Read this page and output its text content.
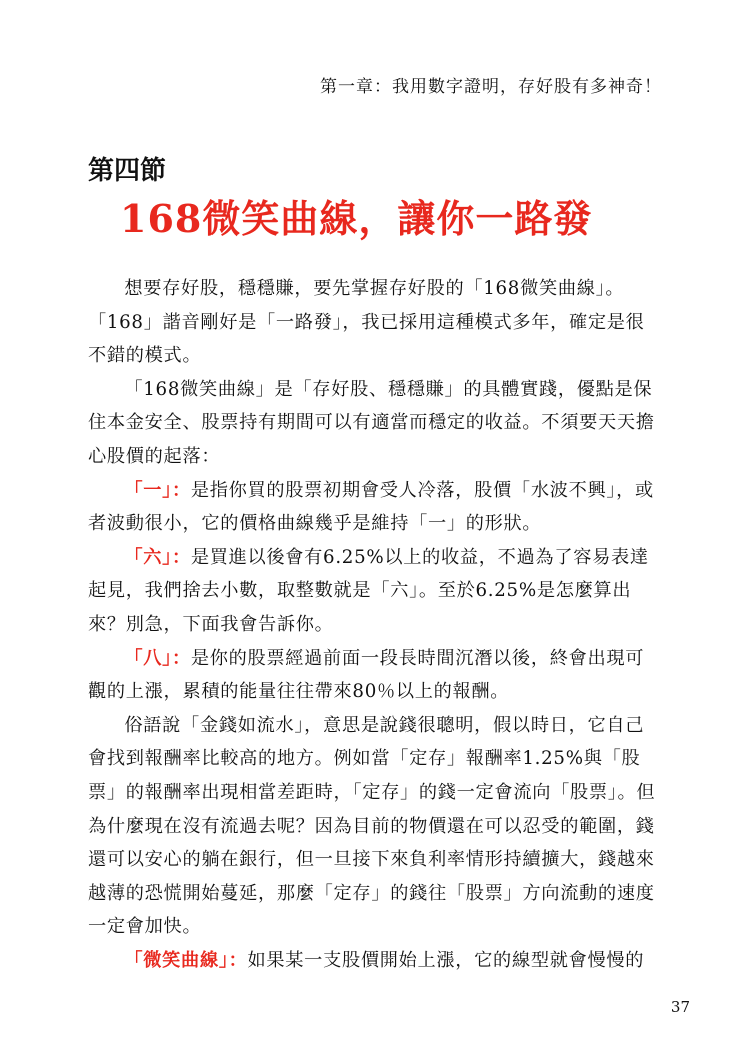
第一章：我用數字證明，存好股有多神奇！
第四節
168微笑曲線，讓你一路發

想要存好股，穩穩賺，要先掌握存好股的「168微笑曲線」。「168」諧音剛好是「一路發」，我已採用這種模式多年，確定是很不錯的模式。

「168微笑曲線」是「存好股、穩穩賺」的具體實踐，優點是保住本金安全、股票持有期間可以有適當而穩定的收益。不須要天天擔心股價的起落：

「一」：是指你買的股票初期會受人冷落，股價「水波不興」，或者波動很小，它的價格曲線幾乎是維持「一」的形狀。

「六」：是買進以後會有6.25%以上的收益，不過為了容易表達起見，我們捨去小數，取整數就是「六」。至於6.25%是怎麼算出來？別急，下面我會告訴你。

「八」：是你的股票經過前面一段長時間沉潛以後，終會出現可觀的上漲，累積的能量往往帶來80％以上的報酬。

俗語說「金錢如流水」，意思是說錢很聰明，假以時日，它自己會找到報酬率比較高的地方。例如當「定存」報酬率1.25%與「股票」的報酬率出現相當差距時，「定存」的錢一定會流向「股票」。但為什麼現在沒有流過去呢？因為目前的物價還在可以忍受的範圍，錢還可以安心的躺在銀行，但一旦接下來負利率情形持續擴大，錢越來越薄的恐慌開始蔓延，那麼「定存」的錢往「股票」方向流動的速度一定會加快。

「微笑曲線」：如果某一支股價開始上漲，它的線型就會慢慢的

37
